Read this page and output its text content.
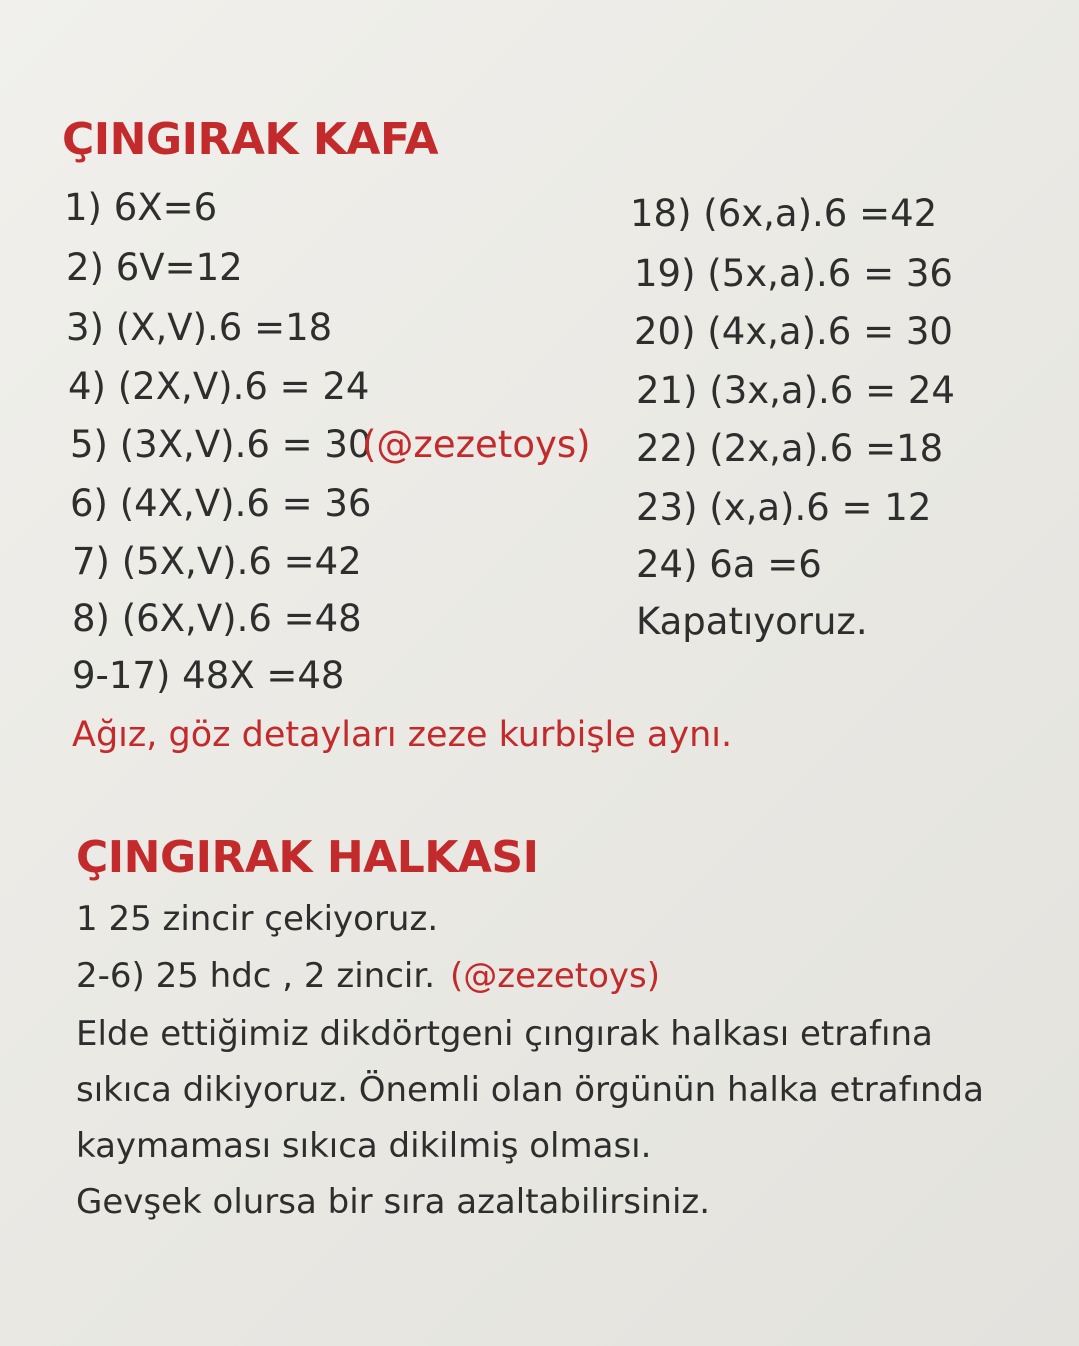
ÇINGIRAK KAFA
1) 6X=6
2) 6V=12
3) (X,V).6 =18
4) (2X,V).6 = 24
5) (3X,V).6 = 30
(@zezetoys)
6) (4X,V).6 = 36
7) (5X,V).6 =42
8) (6X,V).6 =48
9-17) 48X =48
18) (6x,a).6 =42
19) (5x,a).6 = 36
20) (4x,a).6 = 30
21) (3x,a).6 = 24
22) (2x,a).6 =18
23) (x,a).6 = 12
24) 6a =6
Kapatıyoruz.
Ağız, göz detayları zeze kurbişle aynı.
ÇINGIRAK HALKASI
1 25 zincir çekiyoruz.
2-6) 25 hdc , 2 zincir. (@zezetoys)
Elde ettiğimiz dikdörtgeni çıngırak halkası etrafına
sıkıca dikiyoruz. Önemli olan örgünün halka etrafında
kaymaması sıkıca dikilmiş olması.
Gevşek olursa bir sıra azaltabilirsiniz.
